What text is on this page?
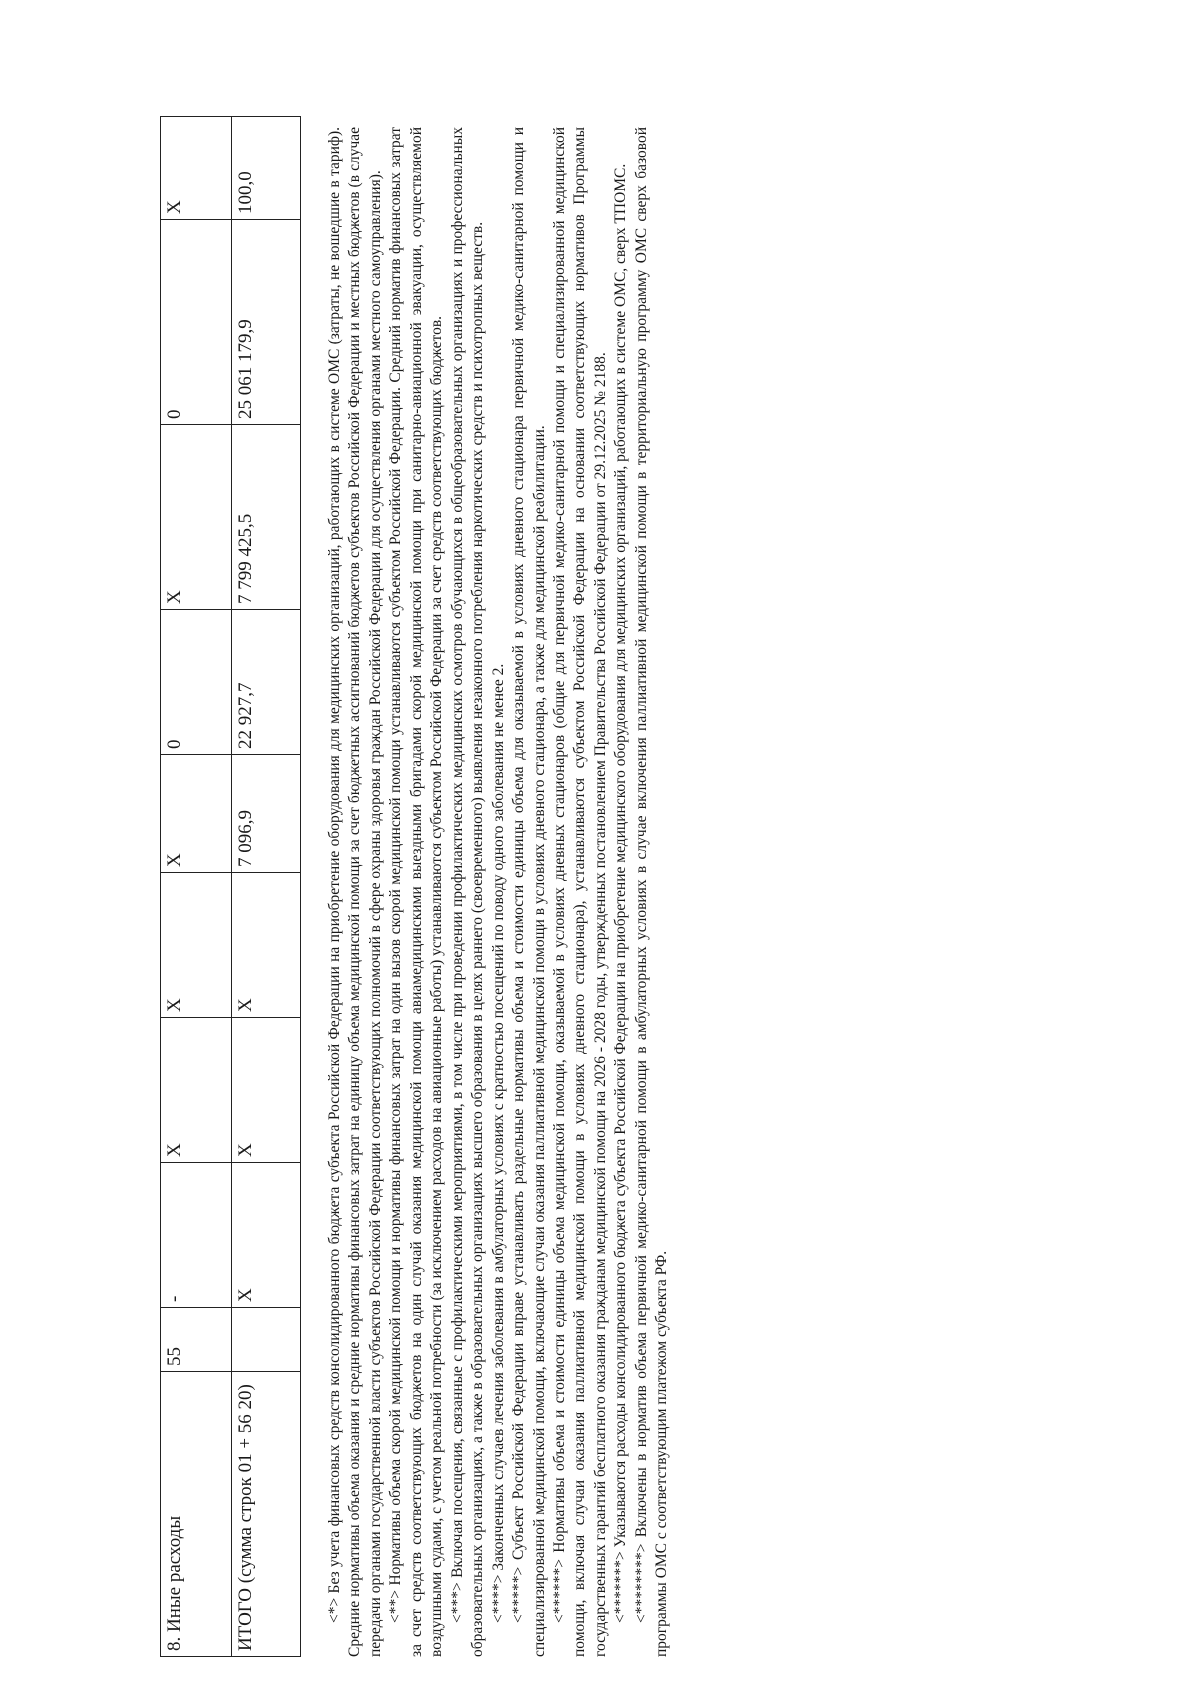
8. Иные расходы	55	-	X	X	X	0	X	0	X
ИТОГО (сумма строк 01 + 56 20)		X	X	X	7 096,9	22 927,7	7 799 425,5	25 061 179,9	100,0	<*> Без учета финансовых средств консолидированного бюджета субъекта Российской Федерации на приобретение оборудования для медицинских организаций, работающих в системе ОМС (затраты, не вошедшие в тариф). Средние нормативы объема оказания и средние нормативы финансовых затрат на единицу объема медицинской помощи за счет бюджетных ассигнований бюджетов субъектов Российской Федерации и местных бюджетов (в случае передачи органами государственной власти субъектов Российской Федерации соответствующих полномочий в сфере охраны здоровья граждан Российской Федерации для осуществления органами местного самоуправления). <**> Нормативы объема скорой медицинской помощи и нормативы финансовых затрат на один вызов скорой медицинской помощи устанавливаются субъектом Российской Федерации. Средний норматив финансовых затрат за счет средств соответствующих бюджетов на один случай оказания медицинской помощи авиамедицинскими выездными бригадами скорой медицинской помощи при санитарно-авиационной эвакуации, осуществляемой воздушными судами, с учетом реальной потребности (за исключением расходов на авиационные работы) устанавливаются субъектом Российской Федерации за счет средств соответствующих бюджетов. <***> Включая посещения, связанные с профилактическими мероприятиями, в том числе при проведении профилактических медицинских осмотров обучающихся в общеобразовательных организациях и профессиональных образовательных организациях, а также в образовательных организациях высшего образования в целях раннего (своевременного) выявления незаконного потребления наркотических средств и психотропных веществ. <****> Законченных случаев лечения заболевания в амбулаторных условиях с кратностью посещений по поводу одного заболевания не менее 2. <*****> Субъект Российской Федерации вправе устанавливать раздельные нормативы объема и стоимости единицы объема для оказываемой в условиях дневного стационара первичной медико-санитарной помощи и специализированной медицинской помощи, включающие случаи оказания паллиативной медицинской помощи в условиях дневного стационара, а также для медицинской реабилитации. <******> Нормативы объема и стоимости единицы объема медицинской помощи, оказываемой в условиях дневных стационаров (общие для первичной медико-санитарной помощи и специализированной медицинской помощи, включая случаи оказания паллиативной медицинской помощи в условиях дневного стационара), устанавливаются субъектом Российской Федерации на основании соответствующих нормативов Программы государственных гарантий бесплатного оказания гражданам медицинской помощи на 2026 - 2028 годы, утвержденных постановлением Правительства Российской Федерации от 29.12.2025 № 2188. <*******> Указываются расходы консолидированного бюджета субъекта Российской Федерации на приобретение медицинского оборудования для медицинских организаций, работающих в системе ОМС, сверх ТПОМС. <********> Включены в норматив объема первичной медико-санитарной помощи в амбулаторных условиях в случае включения паллиативной медицинской помощи в территориальную программу ОМС сверх базовой программы ОМС с соответствующим платежом субъекта РФ.
